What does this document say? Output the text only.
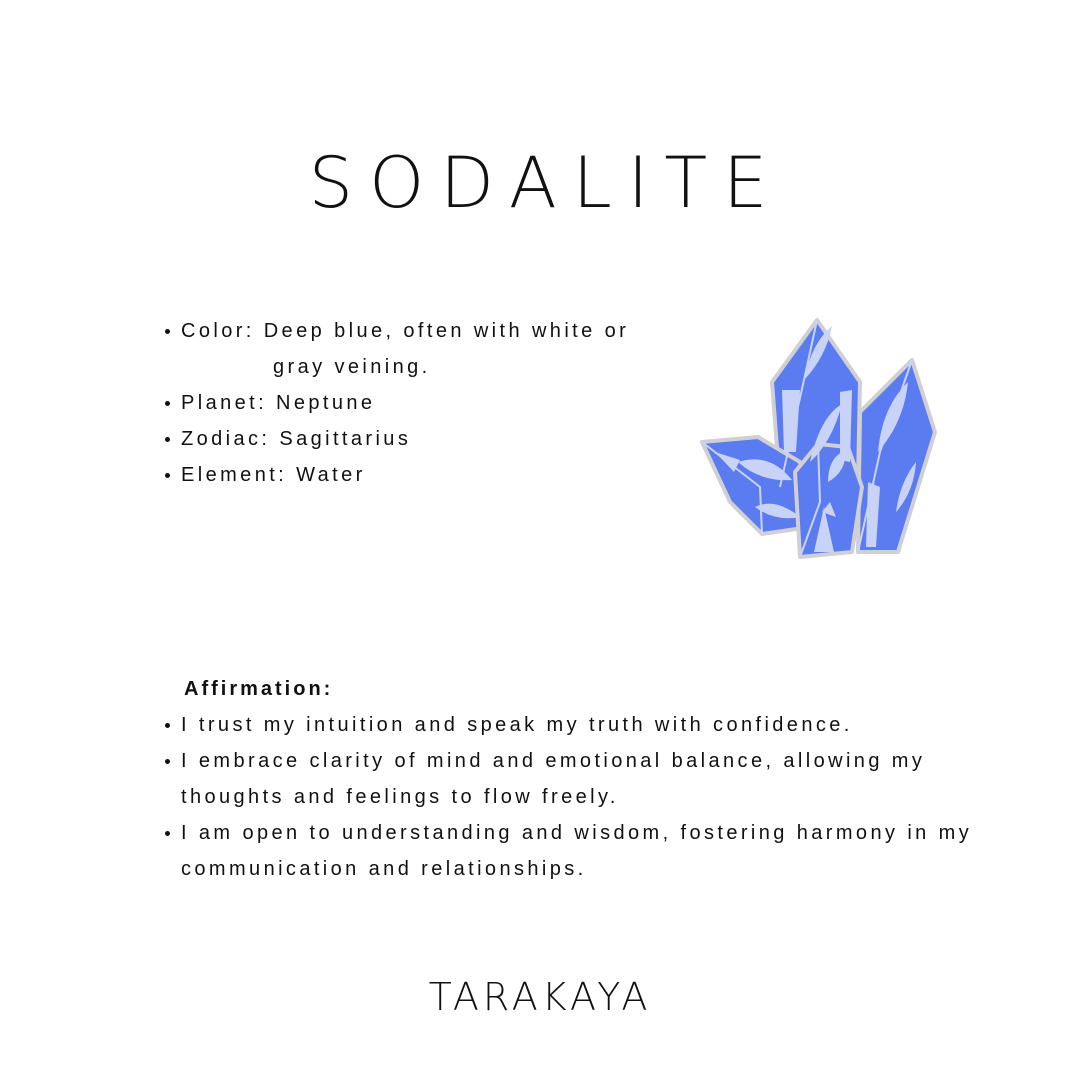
SODALITE
Color: Deep blue, often with white or
gray veining.
Planet: Neptune
Zodiac: Sagittarius
Element: Water
Affirmation:
I trust my intuition and speak my truth with confidence.
I embrace clarity of mind and emotional balance, allowing my thoughts and feelings to flow freely.
I am open to understanding and wisdom, fostering harmony in my communication and relationships.
TARAKAYA
